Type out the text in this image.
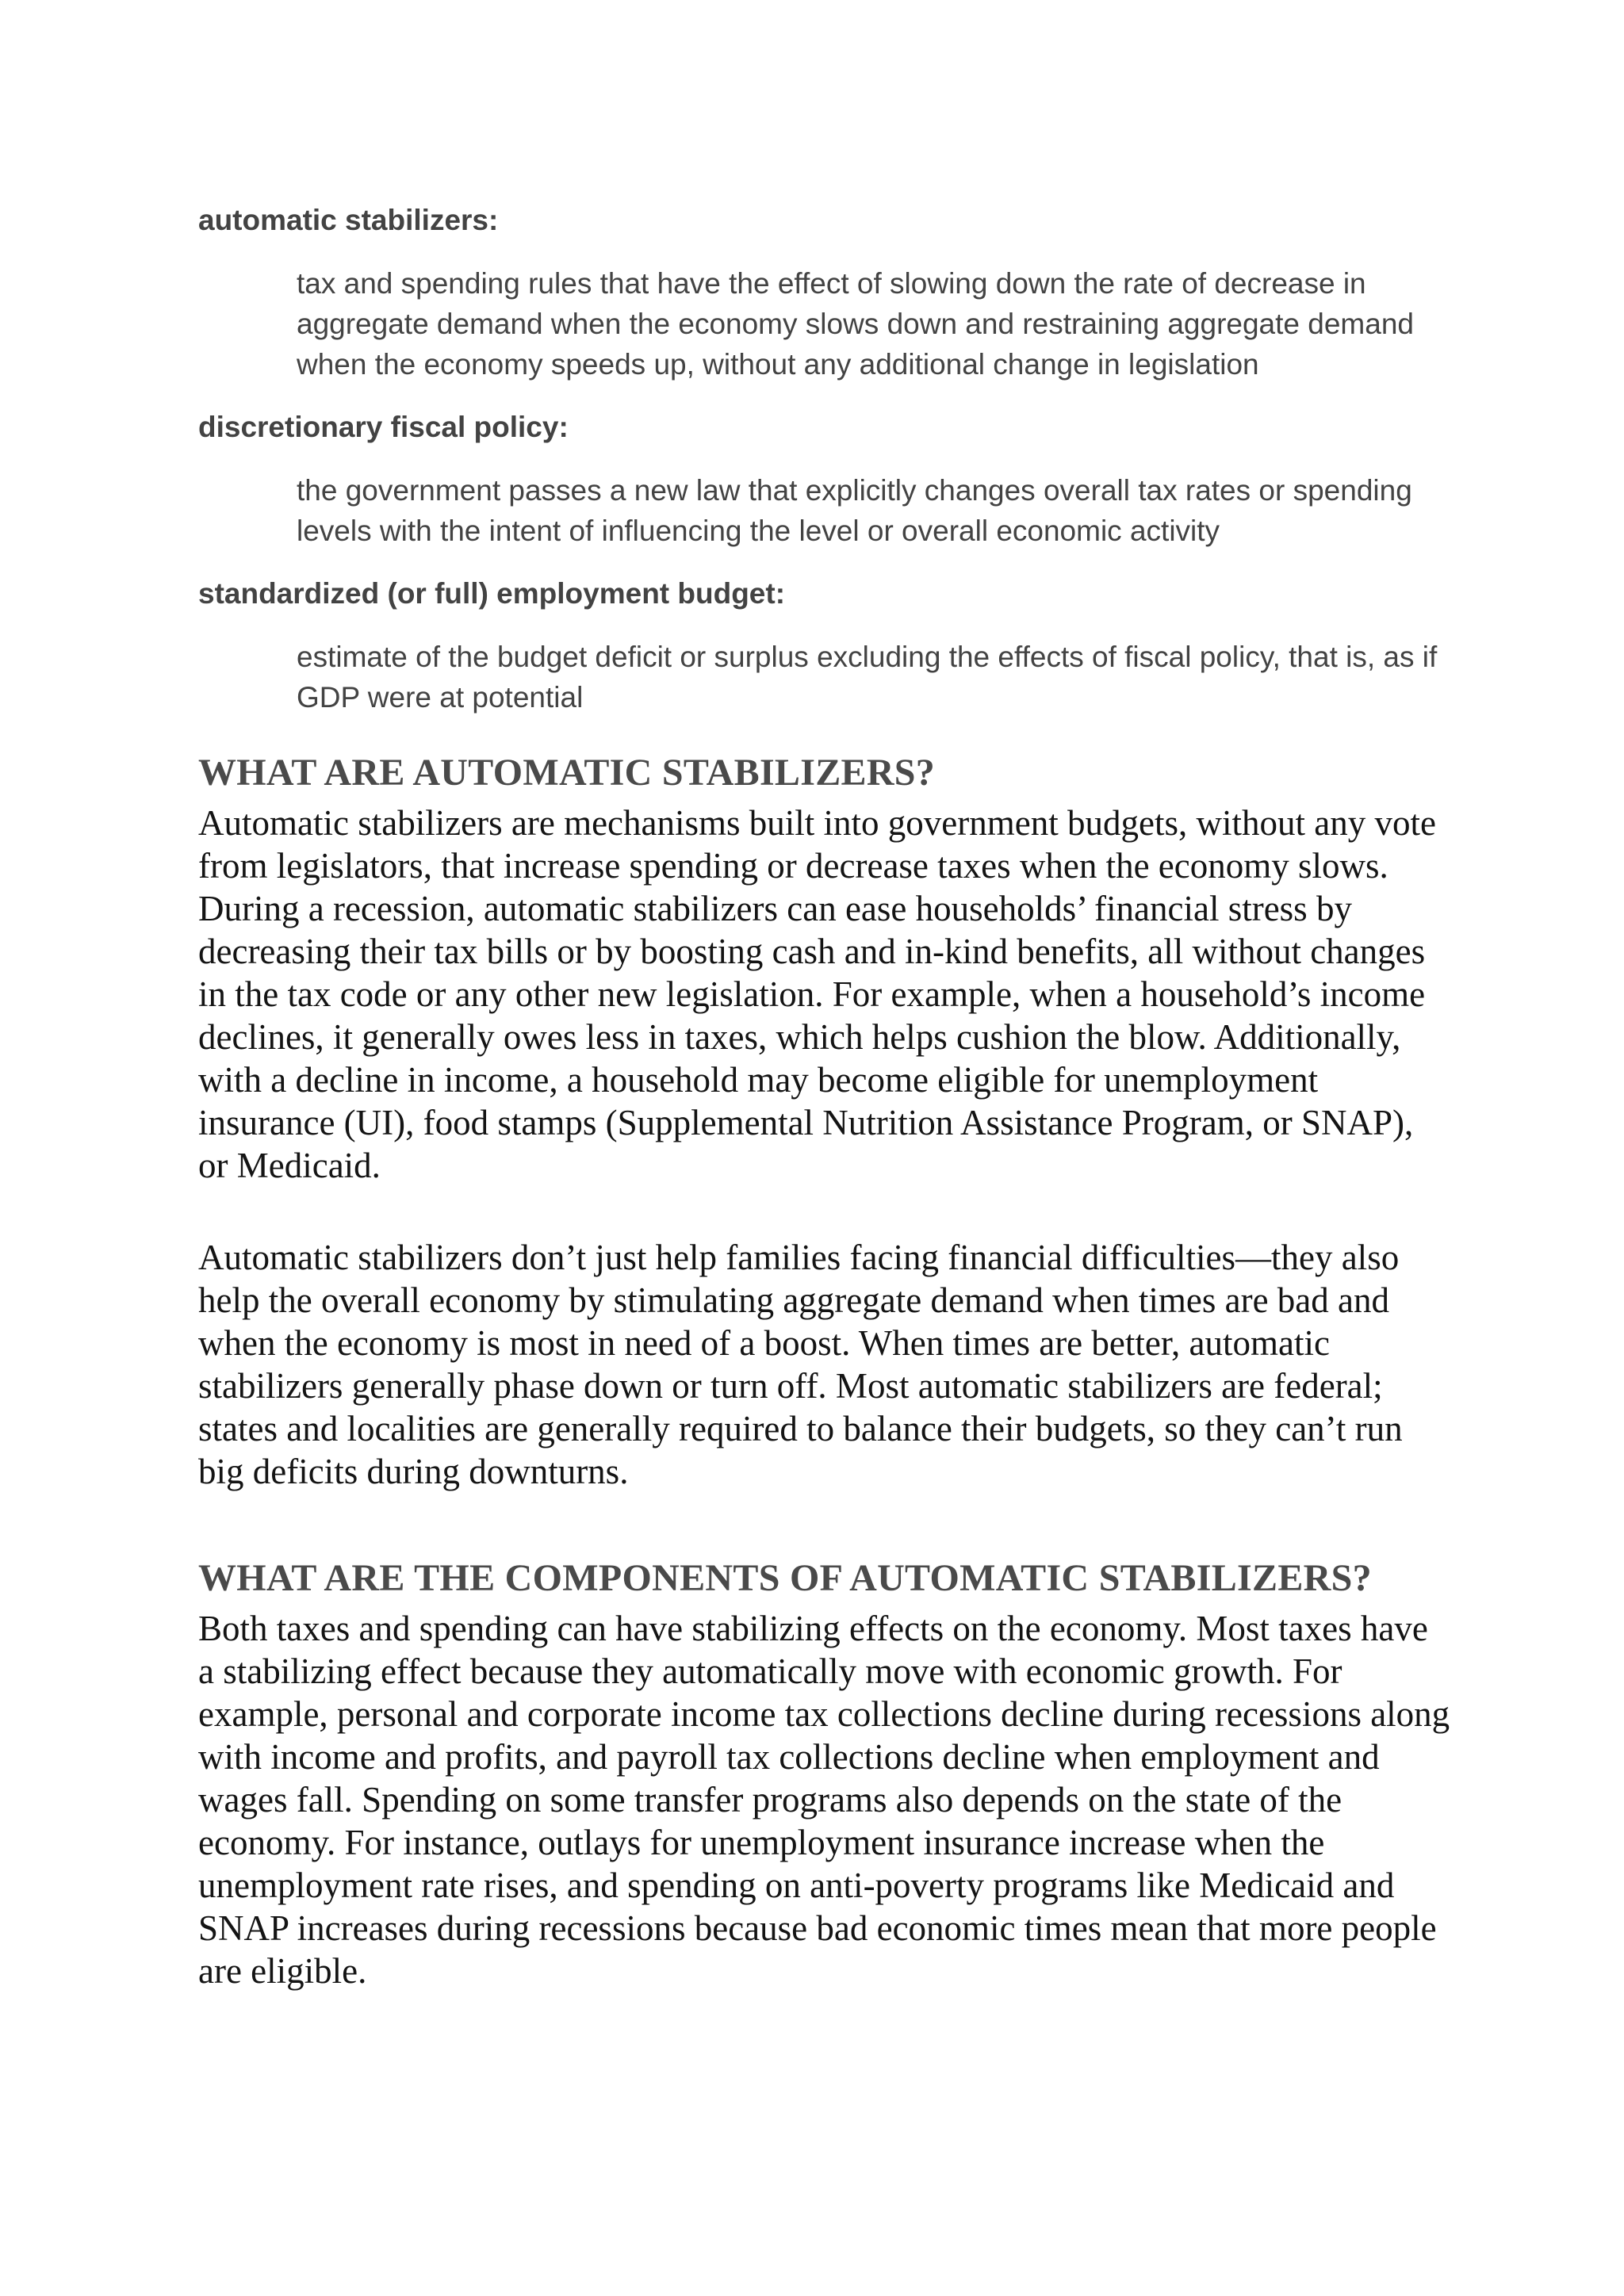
automatic stabilizers:

tax and spending rules that have the effect of slowing down the rate of decrease in aggregate demand when the economy slows down and restraining aggregate demand when the economy speeds up, without any additional change in legislation

discretionary fiscal policy:

the government passes a new law that explicitly changes overall tax rates or spending levels with the intent of influencing the level or overall economic activity

standardized (or full) employment budget:

estimate of the budget deficit or surplus excluding the effects of fiscal policy, that is, as if GDP were at potential

WHAT ARE AUTOMATIC STABILIZERS?

Automatic stabilizers are mechanisms built into government budgets, without any vote from legislators, that increase spending or decrease taxes when the economy slows. During a recession, automatic stabilizers can ease households’ financial stress by decreasing their tax bills or by boosting cash and in-kind benefits, all without changes in the tax code or any other new legislation. For example, when a household’s income declines, it generally owes less in taxes, which helps cushion the blow. Additionally, with a decline in income, a household may become eligible for unemployment insurance (UI), food stamps (Supplemental Nutrition Assistance Program, or SNAP), or Medicaid.

Automatic stabilizers don’t just help families facing financial difficulties—they also help the overall economy by stimulating aggregate demand when times are bad and when the economy is most in need of a boost. When times are better, automatic stabilizers generally phase down or turn off. Most automatic stabilizers are federal; states and localities are generally required to balance their budgets, so they can’t run big deficits during downturns.

WHAT ARE THE COMPONENTS OF AUTOMATIC STABILIZERS?

Both taxes and spending can have stabilizing effects on the economy. Most taxes have a stabilizing effect because they automatically move with economic growth. For example, personal and corporate income tax collections decline during recessions along with income and profits, and payroll tax collections decline when employment and wages fall. Spending on some transfer programs also depends on the state of the economy. For instance, outlays for unemployment insurance increase when the unemployment rate rises, and spending on anti-poverty programs like Medicaid and SNAP increases during recessions because bad economic times mean that more people are eligible.
